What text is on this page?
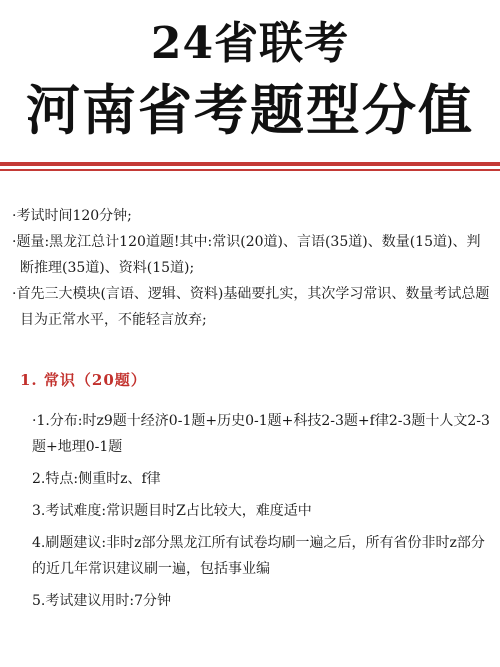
24省联考
河南省考题型分值

·考试时间120分钟;

·题量:黑龙江总计120道题!其中:常识(20道)、言语(35道)、数量(15道)、判断推理(35道)、资料(15道);

·首先三大模块(言语、逻辑、资料)基础要扎实，其次学习常识、数量考试总题目为正常水平，不能轻言放弃;

1. 常识（20题）

·1.分布:时z9题十经济0-1题+历史0-1题+科技2-3题+f律2-3题十人文2-3题+地理0-1题

2.特点:侧重时z、f律

3.考试难度:常识题目时Z占比较大，难度适中

4.刷题建议:非时z部分黑龙江所有试卷均刷一遍之后，所有省份非时z部分的近几年常识建议刷一遍，包括事业编

5.考试建议用时:7分钟
